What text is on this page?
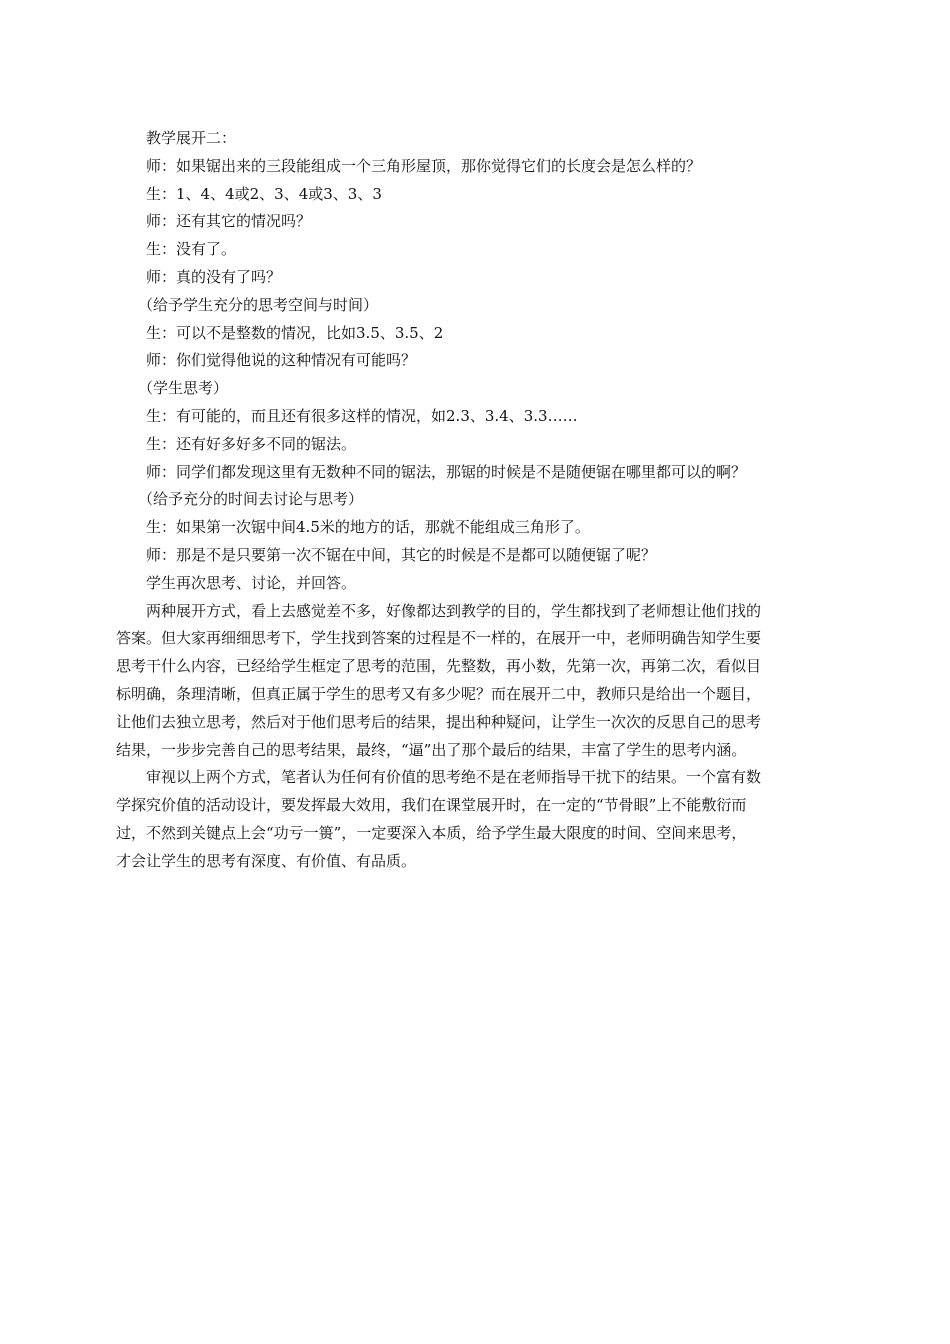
教学展开二：

师：如果锯出来的三段能组成一个三角形屋顶，那你觉得它们的长度会是怎么样的？

生：1、4、4或2、3、4或3、3、3

师：还有其它的情况吗？

生：没有了。

师：真的没有了吗？

（给予学生充分的思考空间与时间）

生：可以不是整数的情况，比如3.5、3.5、2

师：你们觉得他说的这种情况有可能吗？

（学生思考）

生：有可能的，而且还有很多这样的情况，如2.3、3.4、3.3……

生：还有好多好多不同的锯法。

师：同学们都发现这里有无数种不同的锯法，那锯的时候是不是随便锯在哪里都可以的啊？

（给予充分的时间去讨论与思考）

生：如果第一次锯中间4.5米的地方的话，那就不能组成三角形了。

师：那是不是只要第一次不锯在中间，其它的时候是不是都可以随便锯了呢？

学生再次思考、讨论，并回答。

两种展开方式，看上去感觉差不多，好像都达到教学的目的，学生都找到了老师想让他们找的
答案。但大家再细细思考下，学生找到答案的过程是不一样的，在展开一中，老师明确告知学生要
思考干什么内容，已经给学生框定了思考的范围，先整数，再小数，先第一次，再第二次，看似目
标明确，条理清晰，但真正属于学生的思考又有多少呢？而在展开二中，教师只是给出一个题目，
让他们去独立思考，然后对于他们思考后的结果，提出种种疑问，让学生一次次的反思自己的思考
结果，一步步完善自己的思考结果，最终，“逼”出了那个最后的结果，丰富了学生的思考内涵。
审视以上两个方式，笔者认为任何有价值的思考绝不是在老师指导干扰下的结果。一个富有数
学探究价值的活动设计，要发挥最大效用，我们在课堂展开时，在一定的“节骨眼”上不能敷衍而
过，不然到关键点上会“功亏一篑”，一定要深入本质，给予学生最大限度的时间、空间来思考，
才会让学生的思考有深度、有价值、有品质。
